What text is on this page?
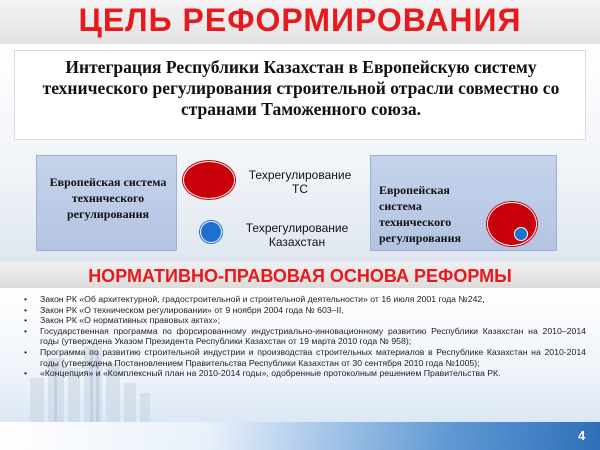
ЦЕЛЬ РЕФОРМИРОВАНИЯ
Интеграция Республики Казахстан в Европейскую систему технического регулирования строительной отрасли совместно со странами Таможенного союза.
Европейская система технического регулирования
Техрегулирование ТС
Техрегулирование Казахстан
Европейская система технического регулирования
НОРМАТИВНО-ПРАВОВАЯ ОСНОВА РЕФОРМЫ
• Закон РК «Об архитектурной, градостроительной и строительной деятельности» от 16 июля 2001 года №242,
• Закон РК «О техническом регулировании» от 9 ноября 2004 года № 603–II,
• Закон РК «О нормативных правовых актах»;
• Государственная программа по форсированному индустриально-инновационному развитию Республики Казахстан на 2010–2014 годы (утверждена Указом Президента Республики Казахстан от 19 марта 2010 года № 958);
• Программа по развитию строительной индустрии и производства строительных материалов в Республике Казахстан на 2010-2014 годы (утверждена Постановлением Правительства Республики Казахстан от 30 сентября 2010 года №1005);
• «Концепция» и «Комплексный план на 2010-2014 годы», одобренные протоколным решением Правительства РК.
4
